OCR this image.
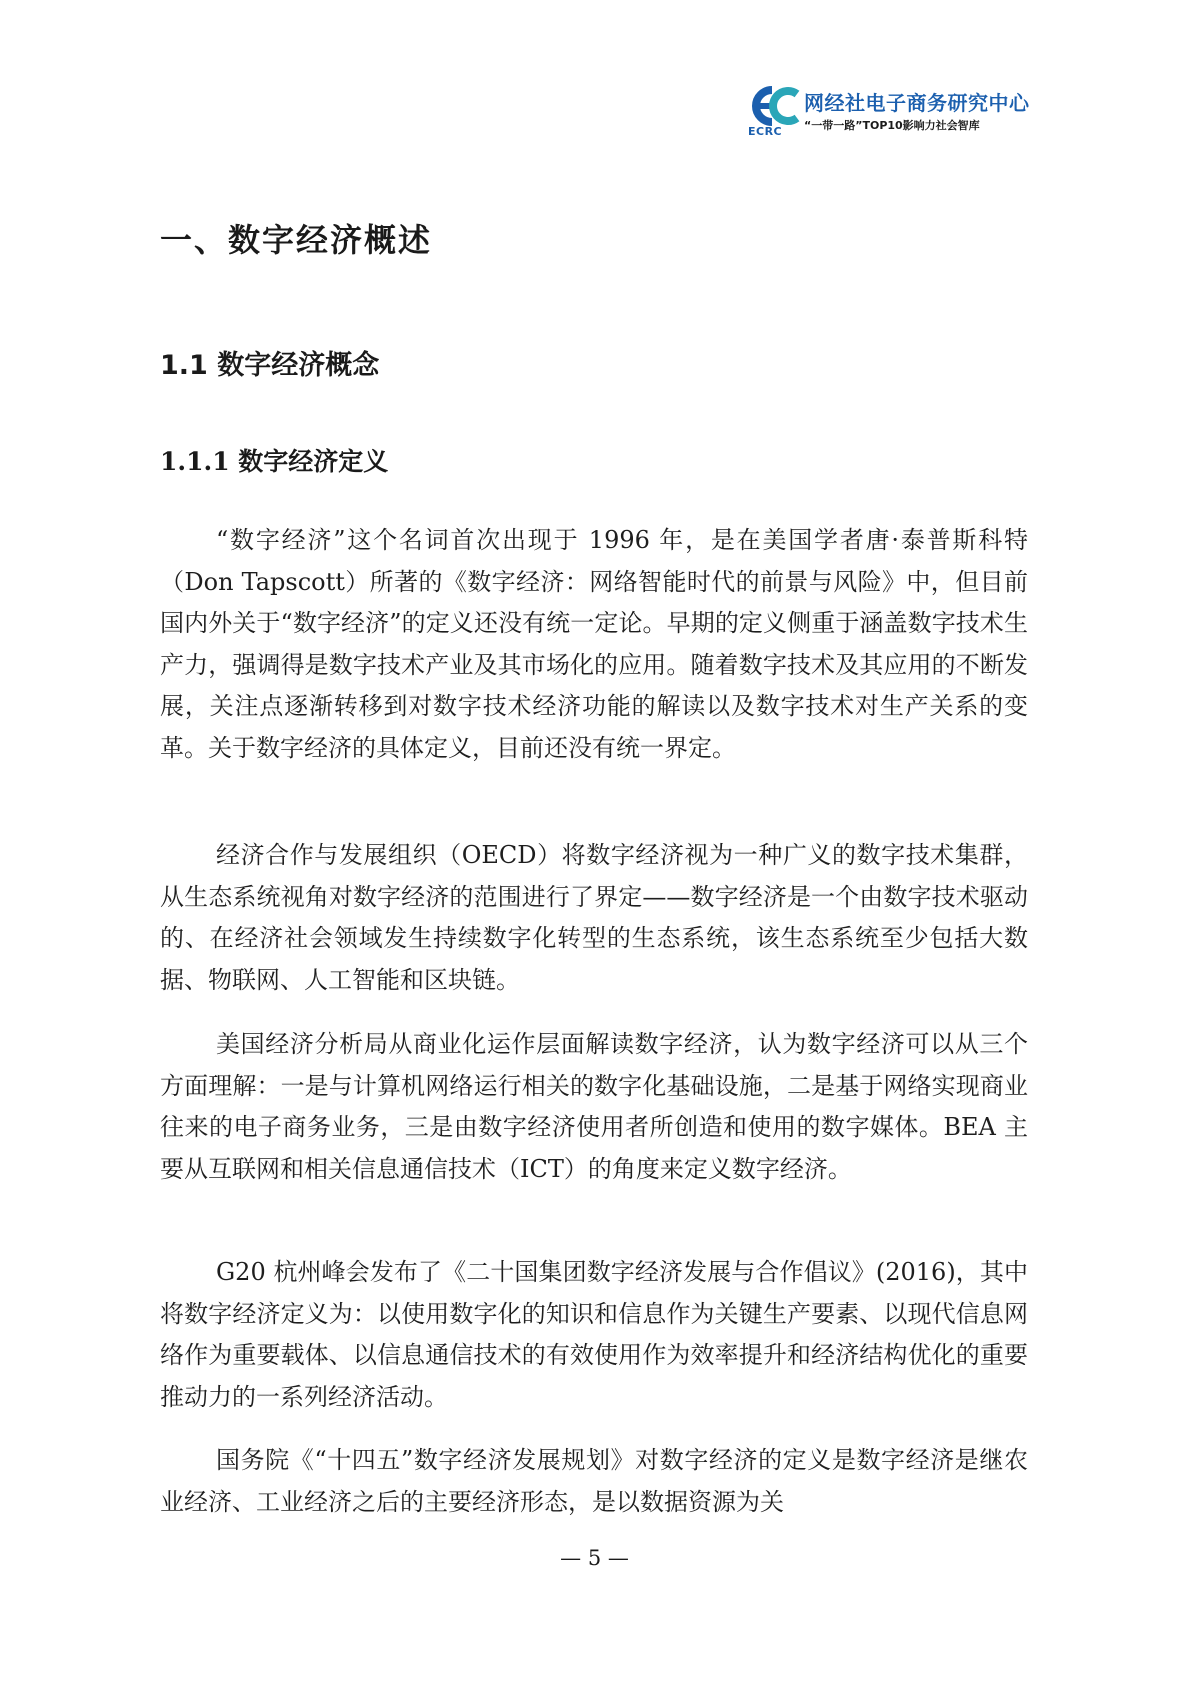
网经社电子商务研究中心
“一带一路”TOP10影响力社会智库
ECRC
一、数字经济概述
1.1 数字经济概念
1.1.1 数字经济定义

“数字经济”这个名词首次出现于 1996 年，是在美国学者唐·泰普斯科特（Don Tapscott）所著的《数字经济：网络智能时代的前景与风险》中，但目前国内外关于“数字经济”的定义还没有统一定论。早期的定义侧重于涵盖数字技术生产力，强调得是数字技术产业及其市场化的应用。随着数字技术及其应用的不断发展，关注点逐渐转移到对数字技术经济功能的解读以及数字技术对生产关系的变革。关于数字经济的具体定义，目前还没有统一界定。

经济合作与发展组织（OECD）将数字经济视为一种广义的数字技术集群，从生态系统视角对数字经济的范围进行了界定——数字经济是一个由数字技术驱动的、在经济社会领域发生持续数字化转型的生态系统，该生态系统至少包括大数据、物联网、人工智能和区块链。

美国经济分析局从商业化运作层面解读数字经济，认为数字经济可以从三个方面理解：一是与计算机网络运行相关的数字化基础设施，二是基于网络实现商业往来的电子商务业务，三是由数字经济使用者所创造和使用的数字媒体。BEA 主要从互联网和相关信息通信技术（ICT）的角度来定义数字经济。

G20 杭州峰会发布了《二十国集团数字经济发展与合作倡议》(2016)，其中将数字经济定义为：以使用数字化的知识和信息作为关键生产要素、以现代信息网络作为重要载体、以信息通信技术的有效使用作为效率提升和经济结构优化的重要推动力的一系列经济活动。

国务院《“十四五”数字经济发展规划》对数字经济的定义是数字经济是继农业经济、工业经济之后的主要经济形态，是以数据资源为关

— 5 —
